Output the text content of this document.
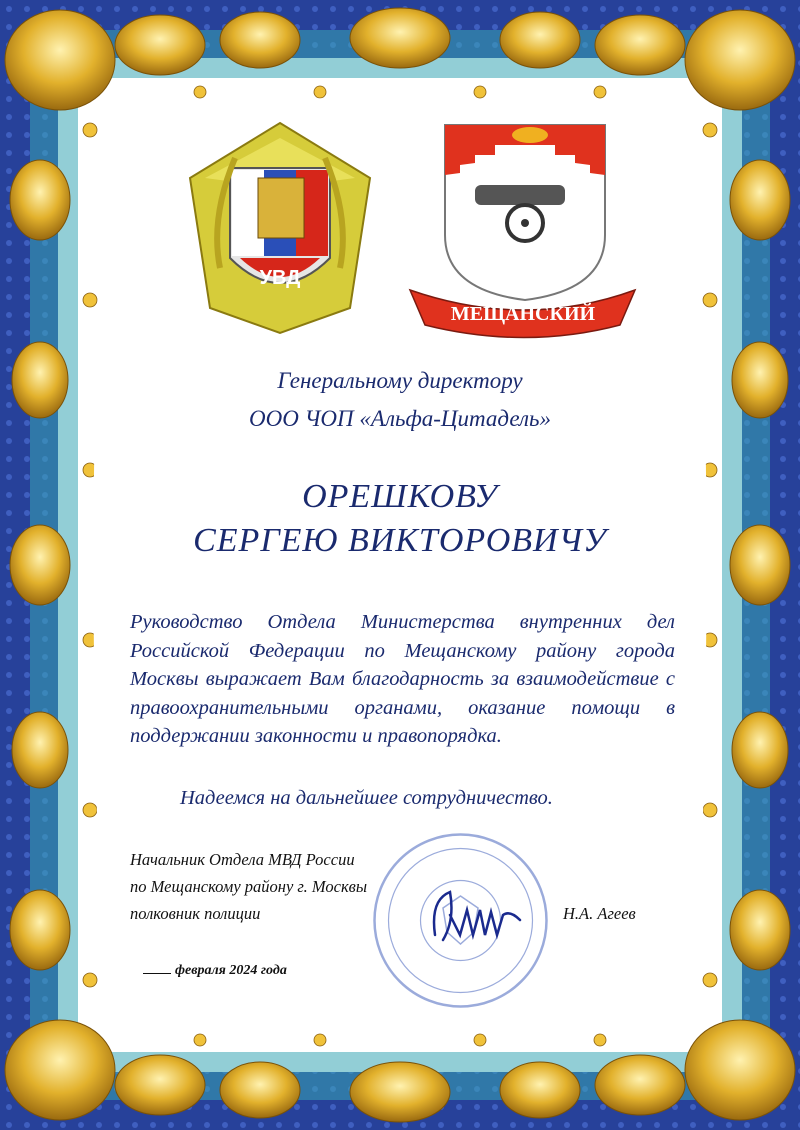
УВД
МЕЩАНСКИЙ
Генеральному директору
ООО ЧОП «Альфа-Цитадель»
ОРЕШКОВУ
СЕРГЕЮ ВИКТОРОВИЧУ
Руководство Отдела Министерства внутренних дел Российской Федерации по Мещанскому району города Москвы выражает Вам благодарность за взаимодействие с правоохранительными органами, оказание помощи в поддержании законности и правопорядка.
Надеемся на дальнейшее сотрудничество.
Начальник Отдела МВД России
по Мещанскому району г. Москвы
полковник полиции	Н.А. Агеев
февраля 2024 года
